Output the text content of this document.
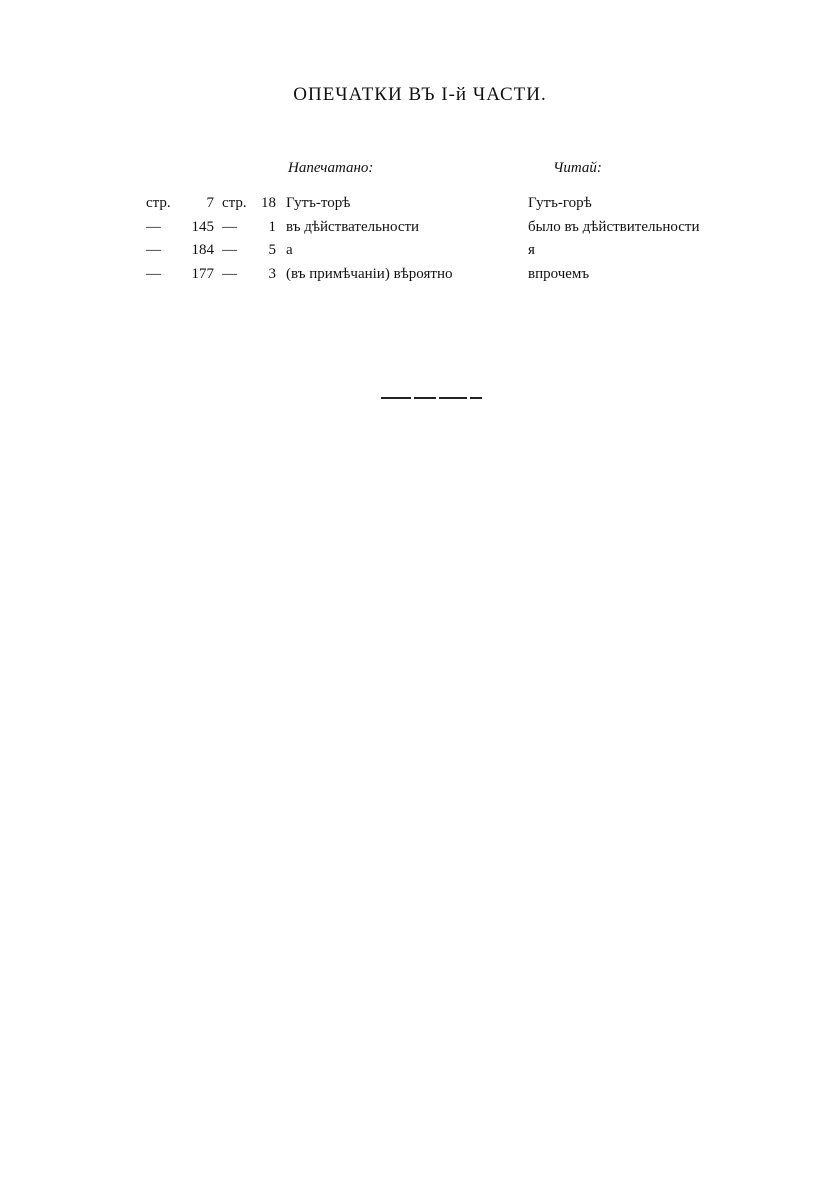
ОПЕЧАТКИ ВЪ I-й ЧАСТИ.
Напечатано:	Читай:
стр.	7 стр. 18 Гутъ-торѣ	Гутъ-горѣ
—	145 —	1 въ дѣйствательности	было въ дѣйствительности
—	184 —	5 а	я
—	177 —	3 (въ примѣчаніи) вѣроятно	впрочемъ
